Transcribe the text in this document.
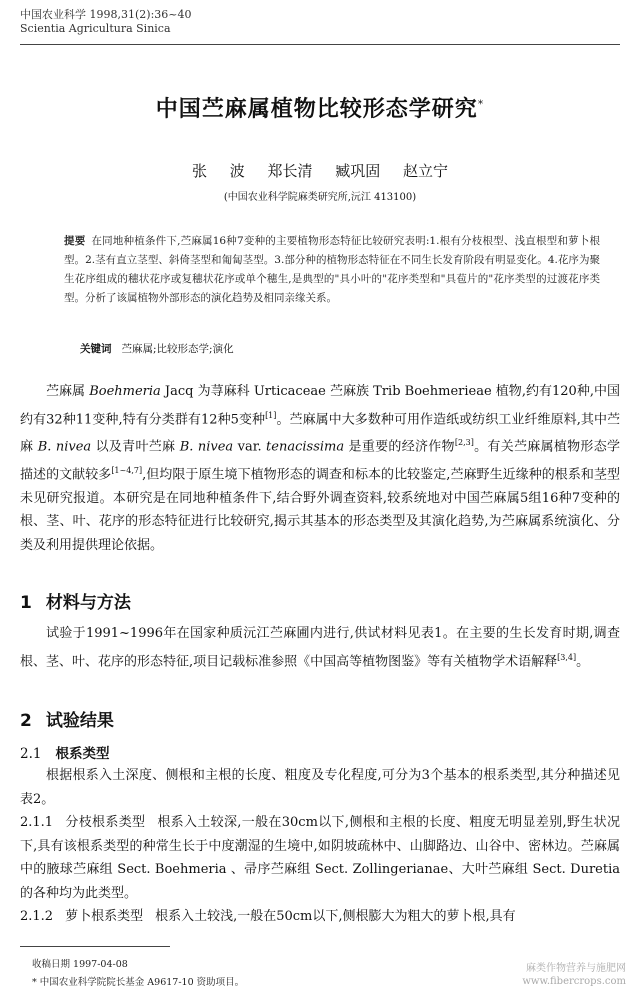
中国农业科学 1998,31(2):36~40
Scientia Agricultura Sinica
中国苎麻属植物比较形态学研究*
张 波 郑长清 臧巩固 赵立宁
(中国农业科学院麻类研究所,沅江 413100)
提要 在同地种植条件下,苎麻属16种7变种的主要植物形态特征比较研究表明:1.根有分枝根型、浅直根型和萝卜根型。2.茎有直立茎型、斜倚茎型和匍匐茎型。3.部分种的植物形态特征在不同生长发育阶段有明显变化。4.花序为聚生花序组成的穗状花序或复穗状花序或单个穗生,是典型的"具小叶的"花序类型和"具苞片的"花序类型的过渡花序类型。分析了该属植物外部形态的演化趋势及相同亲缘关系。
关键词 苎麻属;比较形态学;演化

苎麻属 Boehmeria Jacq 为荨麻科 Urticaceae 苎麻族 Trib Boehmerieae 植物,约有120种,中国约有32种11变种,特有分类群有12种5变种[1]。苎麻属中大多数种可用作造纸或纺织工业纤维原料,其中苎麻 B. nivea 以及青叶苎麻 B. nivea var. tenacissima 是重要的经济作物[2,3]。有关苎麻属植物形态学描述的文献较多[1~4,7],但均限于原生境下植物形态的调查和标本的比较鉴定,苎麻野生近缘种的根系和茎型未见研究报道。本研究是在同地种植条件下,结合野外调查资料,较系统地对中国苎麻属5组16种7变种的根、茎、叶、花序的形态特征进行比较研究,揭示其基本的形态类型及其演化趋势,为苎麻属系统演化、分类及利用提供理论依据。

1 材料与方法

试验于1991~1996年在国家种质沅江苎麻圃内进行,供试材料见表1。在主要的生长发育时期,调查根、茎、叶、花序的形态特征,项目记载标准参照《中国高等植物图鉴》等有关植物学术语解释[3,4]。

2 试验结果
2.1 根系类型

根据根系入土深度、侧根和主根的长度、粗度及专化程度,可分为3个基本的根系类型,其分种描述见表2。

2.1.1 分枝根系类型 根系入土较深,一般在30cm以下,侧根和主根的长度、粗度无明显差别,野生状况下,具有该根系类型的种常生长于中度潮湿的生境中,如阴坡疏林中、山脚路边、山谷中、密林边。苎麻属中的腋球苎麻组 Sect. Boehmeria 、帚序苎麻组 Sect. Zollingerianae、大叶苎麻组 Sect. Duretia 的各种均为此类型。

2.1.2 萝卜根系类型 根系入土较浅,一般在50cm以下,侧根膨大为粗大的萝卜根,具有

收稿日期 1997-04-08
* 中国农业科学院院长基金 A9617-10 资助项目。
麻类作物营养与施肥网
www.fibercrops.com
